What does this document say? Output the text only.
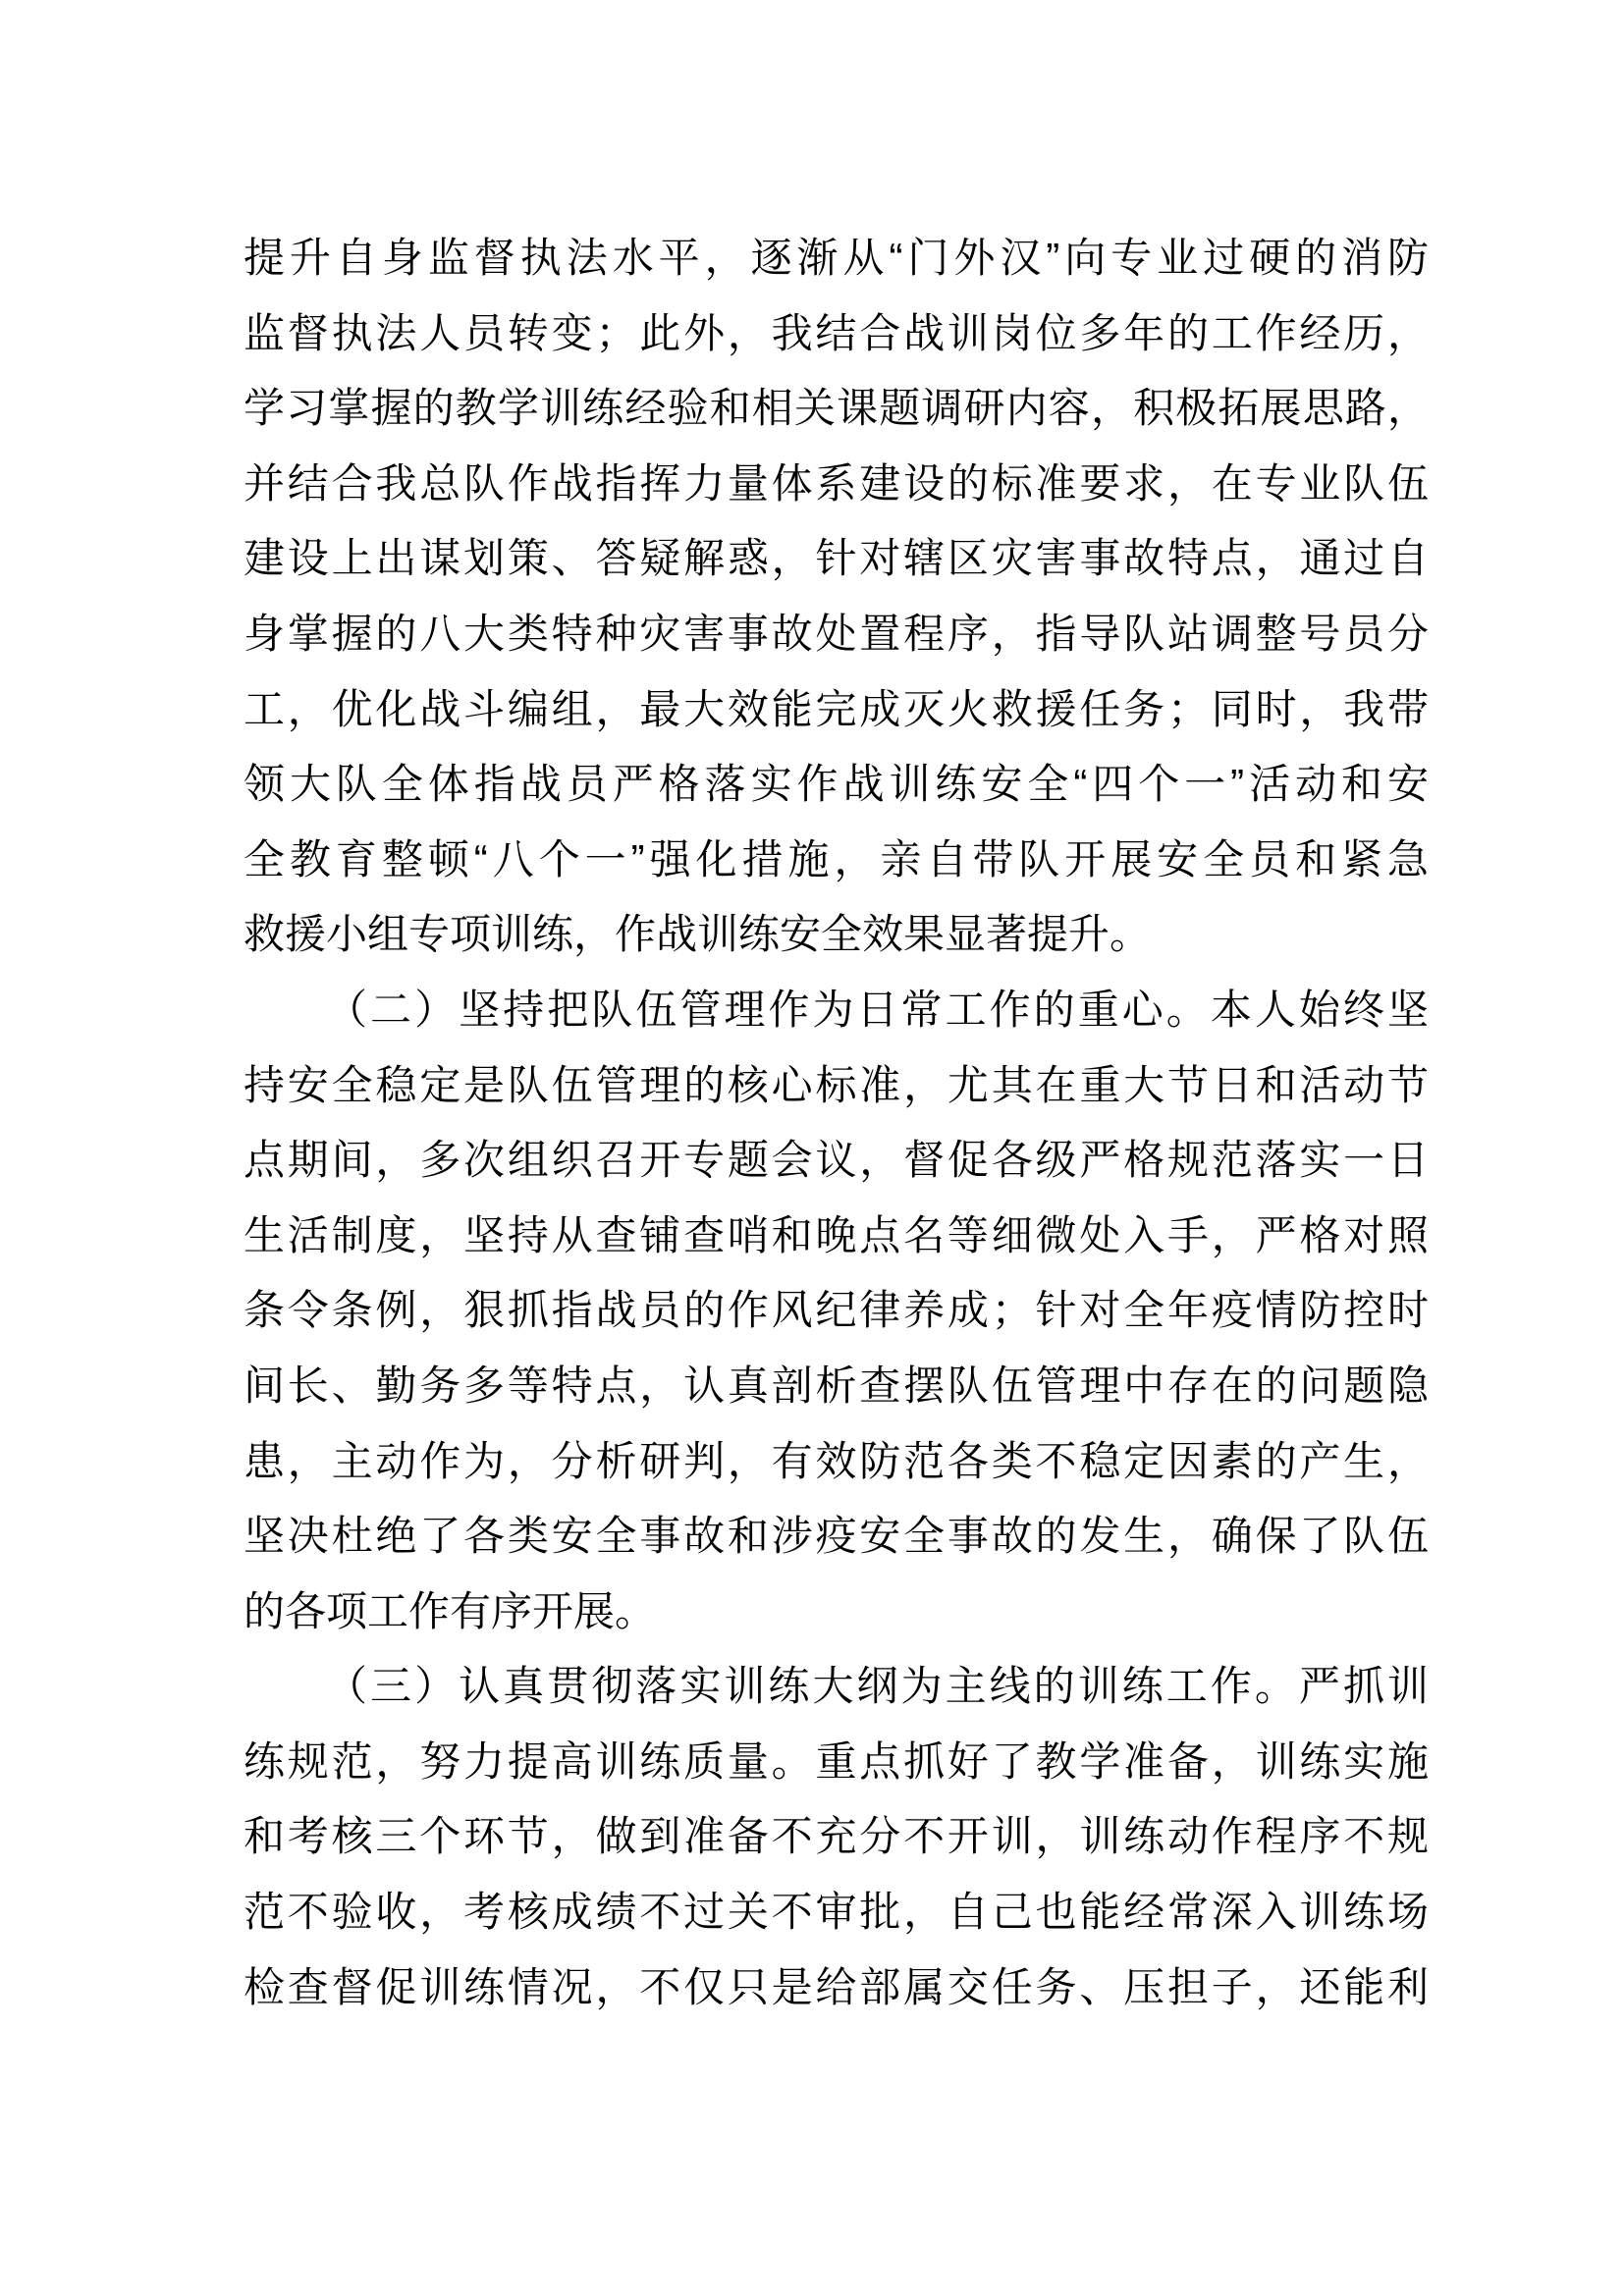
提升自身监督执法水平，逐渐从“门外汉”向专业过硬的消防
监督执法人员转变；此外，我结合战训岗位多年的工作经历，
学习掌握的教学训练经验和相关课题调研内容，积极拓展思路，
并结合我总队作战指挥力量体系建设的标准要求，在专业队伍
建设上出谋划策、答疑解惑，针对辖区灾害事故特点，通过自
身掌握的八大类特种灾害事故处置程序，指导队站调整号员分
工，优化战斗编组，最大效能完成灭火救援任务；同时，我带
领大队全体指战员严格落实作战训练安全“四个一”活动和安
全教育整顿“八个一”强化措施，亲自带队开展安全员和紧急
救援小组专项训练，作战训练安全效果显著提升。
（二）坚持把队伍管理作为日常工作的重心。本人始终坚
持安全稳定是队伍管理的核心标准，尤其在重大节日和活动节
点期间，多次组织召开专题会议，督促各级严格规范落实一日
生活制度，坚持从查铺查哨和晚点名等细微处入手，严格对照
条令条例，狠抓指战员的作风纪律养成；针对全年疫情防控时
间长、勤务多等特点，认真剖析查摆队伍管理中存在的问题隐
患，主动作为，分析研判，有效防范各类不稳定因素的产生，
坚决杜绝了各类安全事故和涉疫安全事故的发生，确保了队伍
的各项工作有序开展。
（三）认真贯彻落实训练大纲为主线的训练工作。严抓训
练规范，努力提高训练质量。重点抓好了教学准备，训练实施
和考核三个环节，做到准备不充分不开训，训练动作程序不规
范不验收，考核成绩不过关不审批，自己也能经常深入训练场
检查督促训练情况，不仅只是给部属交任务、压担子，还能利
